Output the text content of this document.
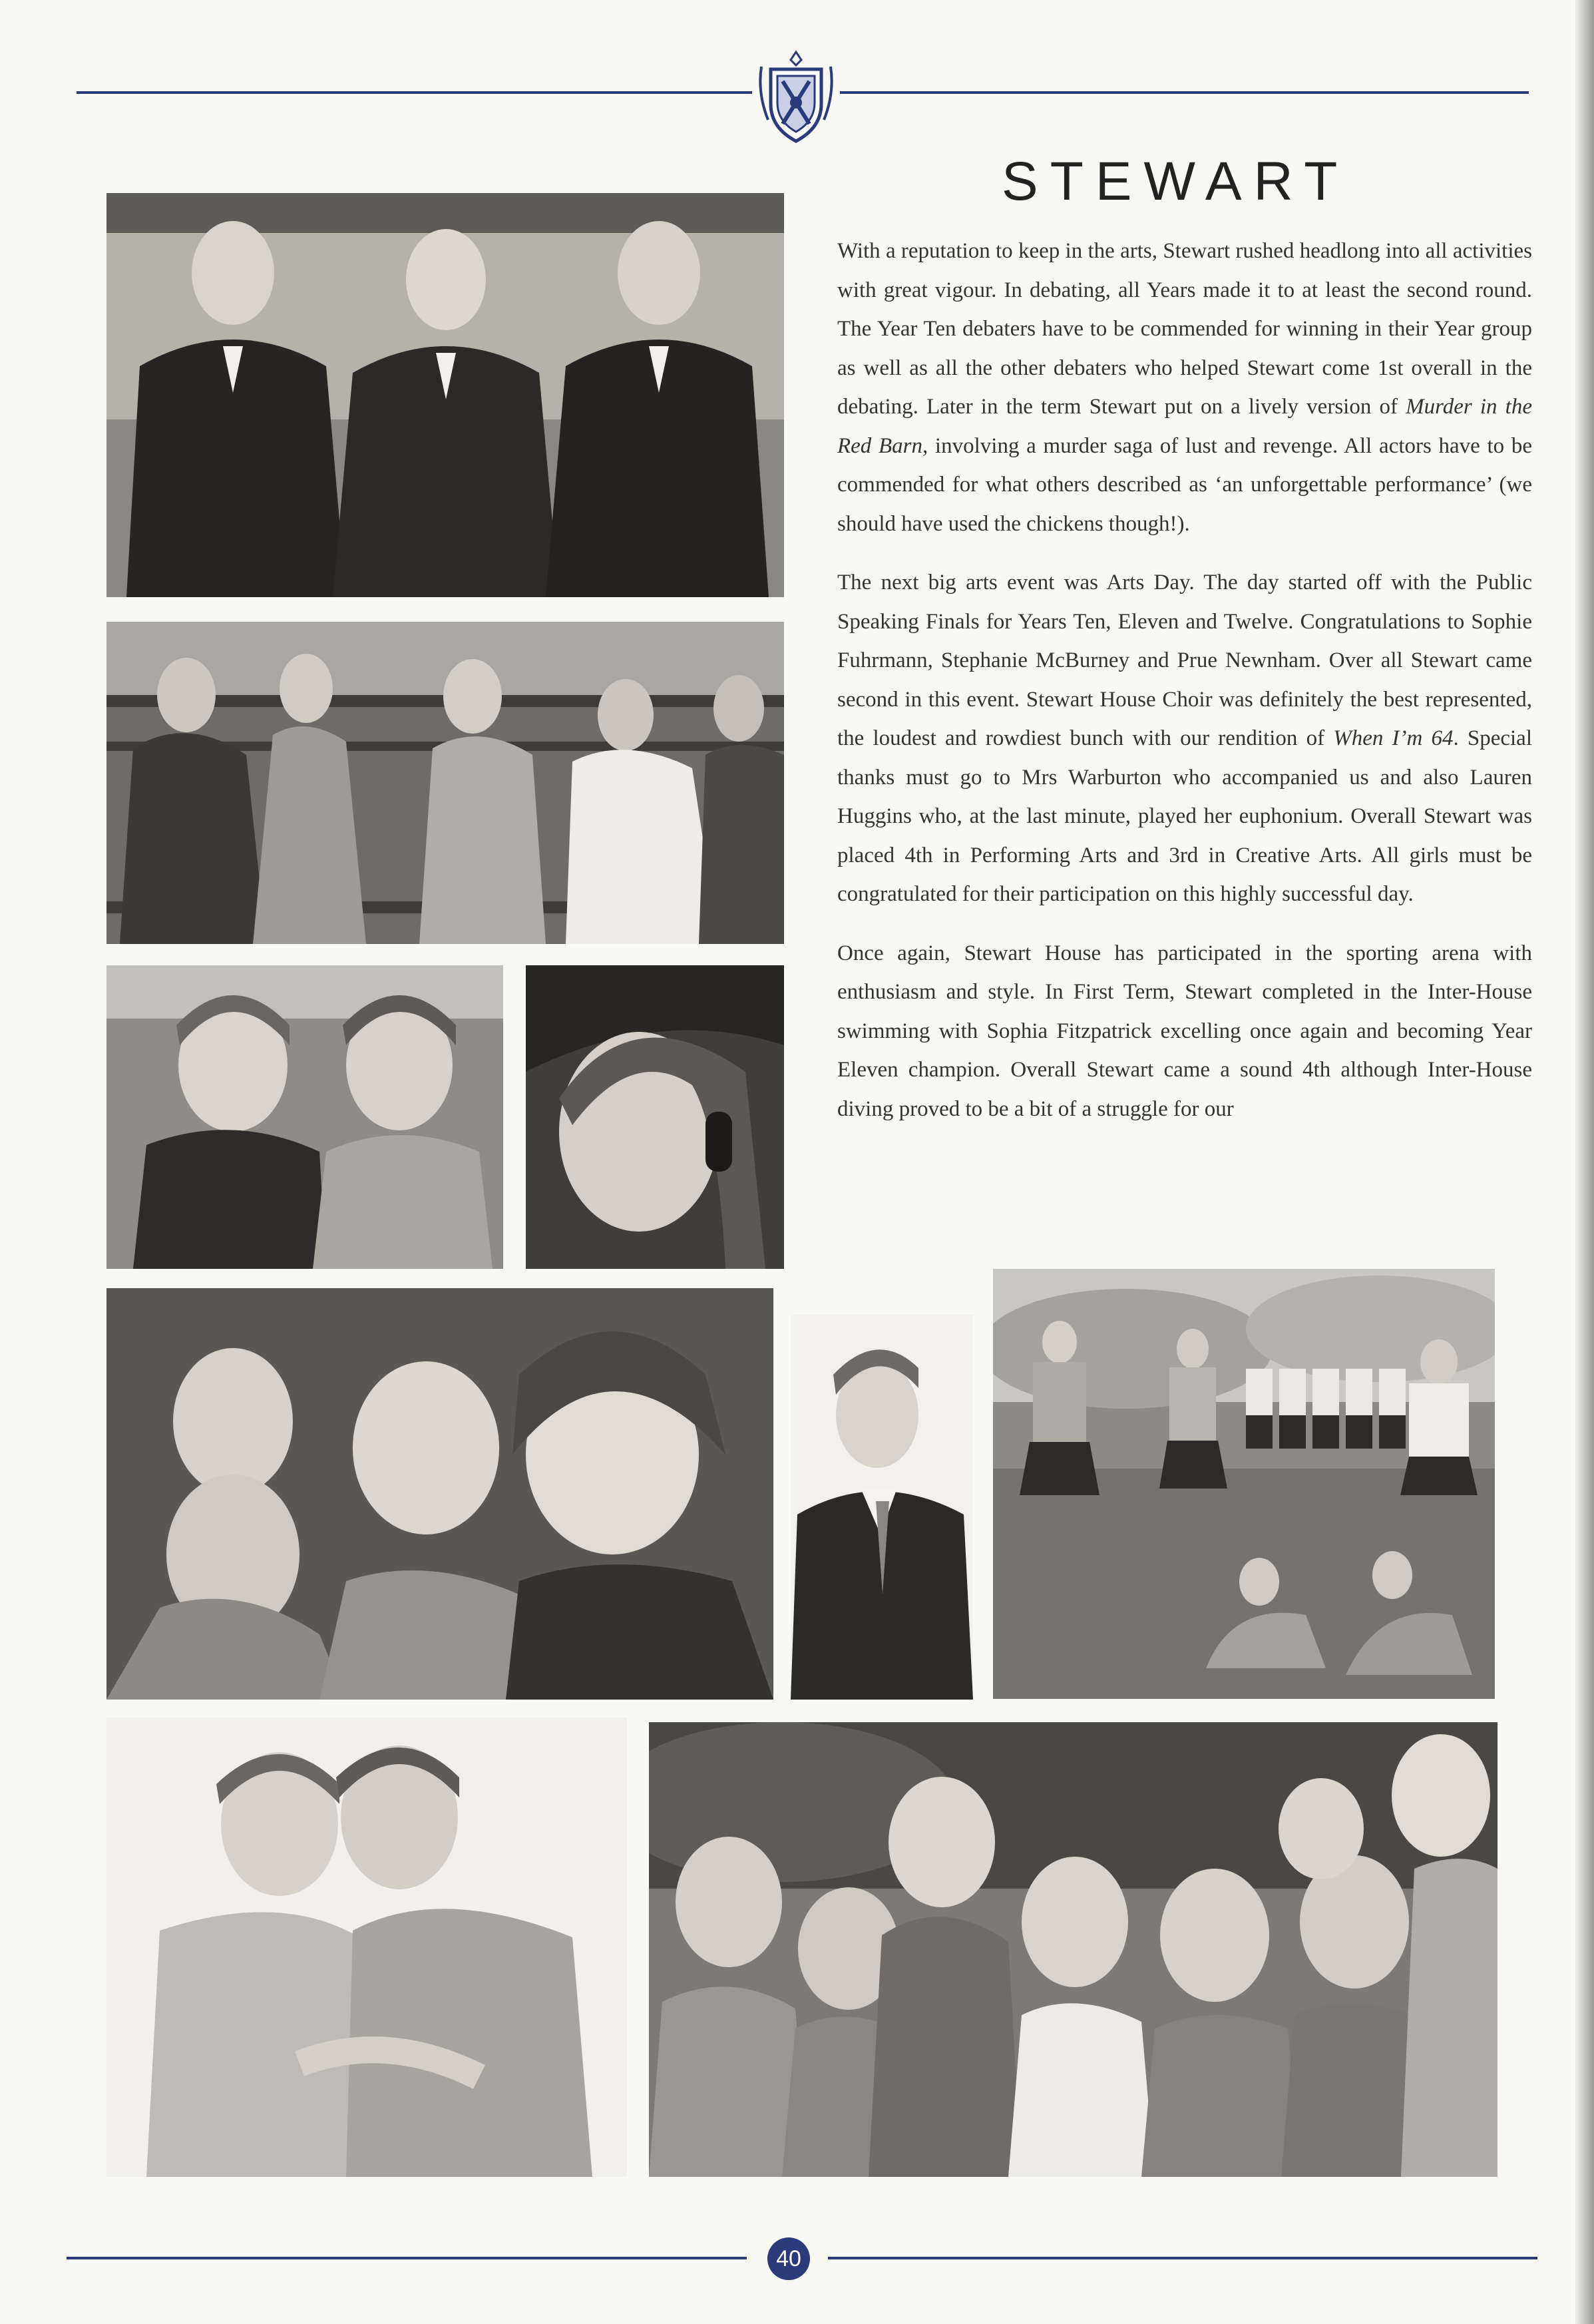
STEWART

With a reputation to keep in the arts, Stewart rushed headlong into all activities with great vigour. In debating, all Years made it to at least the second round. The Year Ten debaters have to be commended for winning in their Year group as well as all the other debaters who helped Stewart come 1st overall in the debating. Later in the term Stewart put on a lively version of Murder in the Red Barn, involving a murder saga of lust and revenge. All actors have to be commended for what others described as ‘an unforgettable performance’ (we should have used the chickens though!).

The next big arts event was Arts Day. The day started off with the Public Speaking Finals for Years Ten, Eleven and Twelve. Congratulations to Sophie Fuhrmann, Stephanie McBurney and Prue Newnham. Over all Stewart came second in this event. Stewart House Choir was definitely the best represented, the loudest and rowdiest bunch with our rendition of When I’m 64. Special thanks must go to Mrs Warburton who accompanied us and also Lauren Huggins who, at the last minute, played her euphonium. Overall Stewart was placed 4th in Performing Arts and 3rd in Creative Arts. All girls must be congratulated for their participation on this highly successful day.

Once again, Stewart House has participated in the sporting arena with enthusiasm and style. In First Term, Stewart completed in the Inter-House swimming with Sophia Fitzpatrick excelling once again and becoming Year Eleven champion. Overall Stewart came a sound 4th although Inter-House diving proved to be a bit of a struggle for our

40
